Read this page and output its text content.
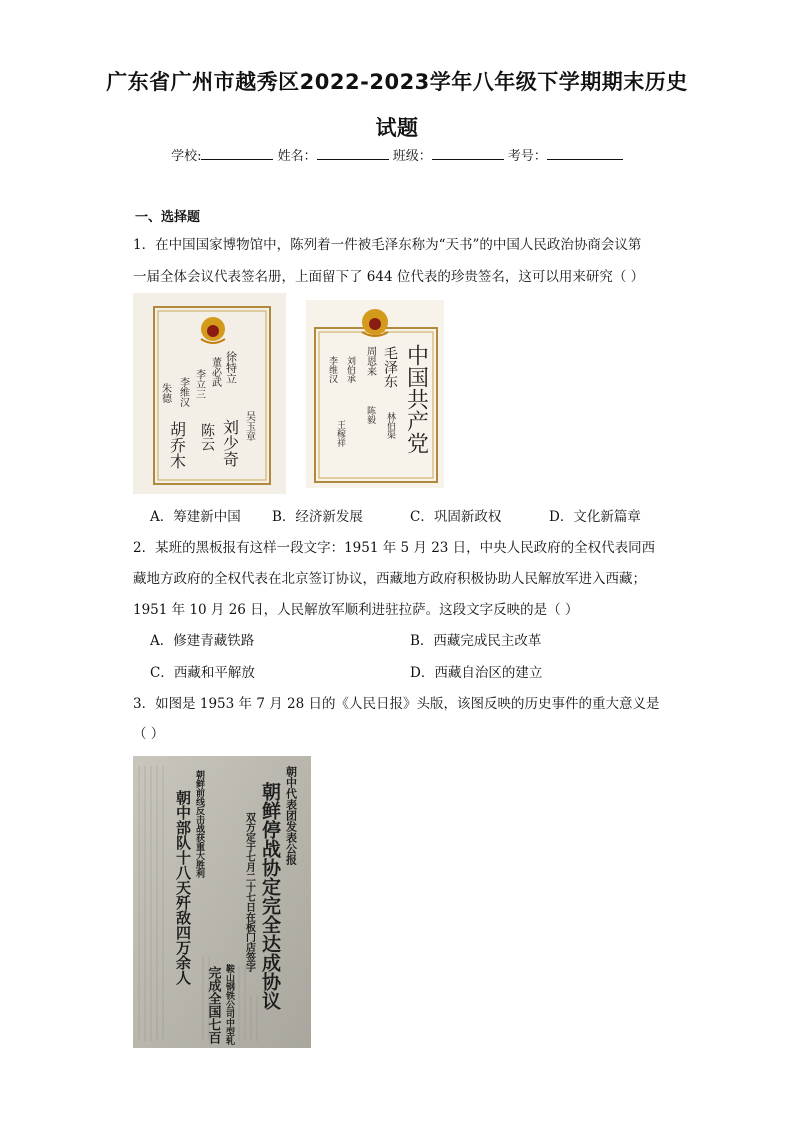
广东省广州市越秀区2022-2023学年八年级下学期期末历史
试题
学校:	姓名：	班级：	考号：
一、选择题
1．在中国国家博物馆中，陈列着一件被毛泽东称为“天书”的中国人民政治协商会议第
一届全体会议代表签名册，上面留下了 644 位代表的珍贵签名，这可以用来研究（ ）
徐特立
董必武
李立三
李维汉
朱德
吴玉章
刘少奇
陈云
胡乔木	中国共产党
毛泽东
周恩来
刘伯承
李维汉
陈毅 林伯渠
王稼祥
A．筹建新中国 B．经济新发展	C．巩固新政权	D．文化新篇章
2．某班的黑板报有这样一段文字：1951 年 5 月 23 日，中央人民政府的全权代表同西
藏地方政府的全权代表在北京签订协议，西藏地方政府积极协助人民解放军进入西藏；
1951 年 10 月 26 日，人民解放军顺利进驻拉萨。这段文字反映的是（ ）
A．修建青藏铁路	B．西藏完成民主改革
C．西藏和平解放	D．西藏自治区的建立
3．如图是 1953 年 7 月 28 日的《人民日报》头版，该图反映的历史事件的重大意义是
（ ）
朝中代表团发表公报
朝鲜停战协定完全达成协议
双方定于七月二十七日在板门店签字
朝鲜前线反击战获重大胜利
朝中部队十八天歼敌四万余人
鞍山钢铁公司中型轧
完成全国七百
